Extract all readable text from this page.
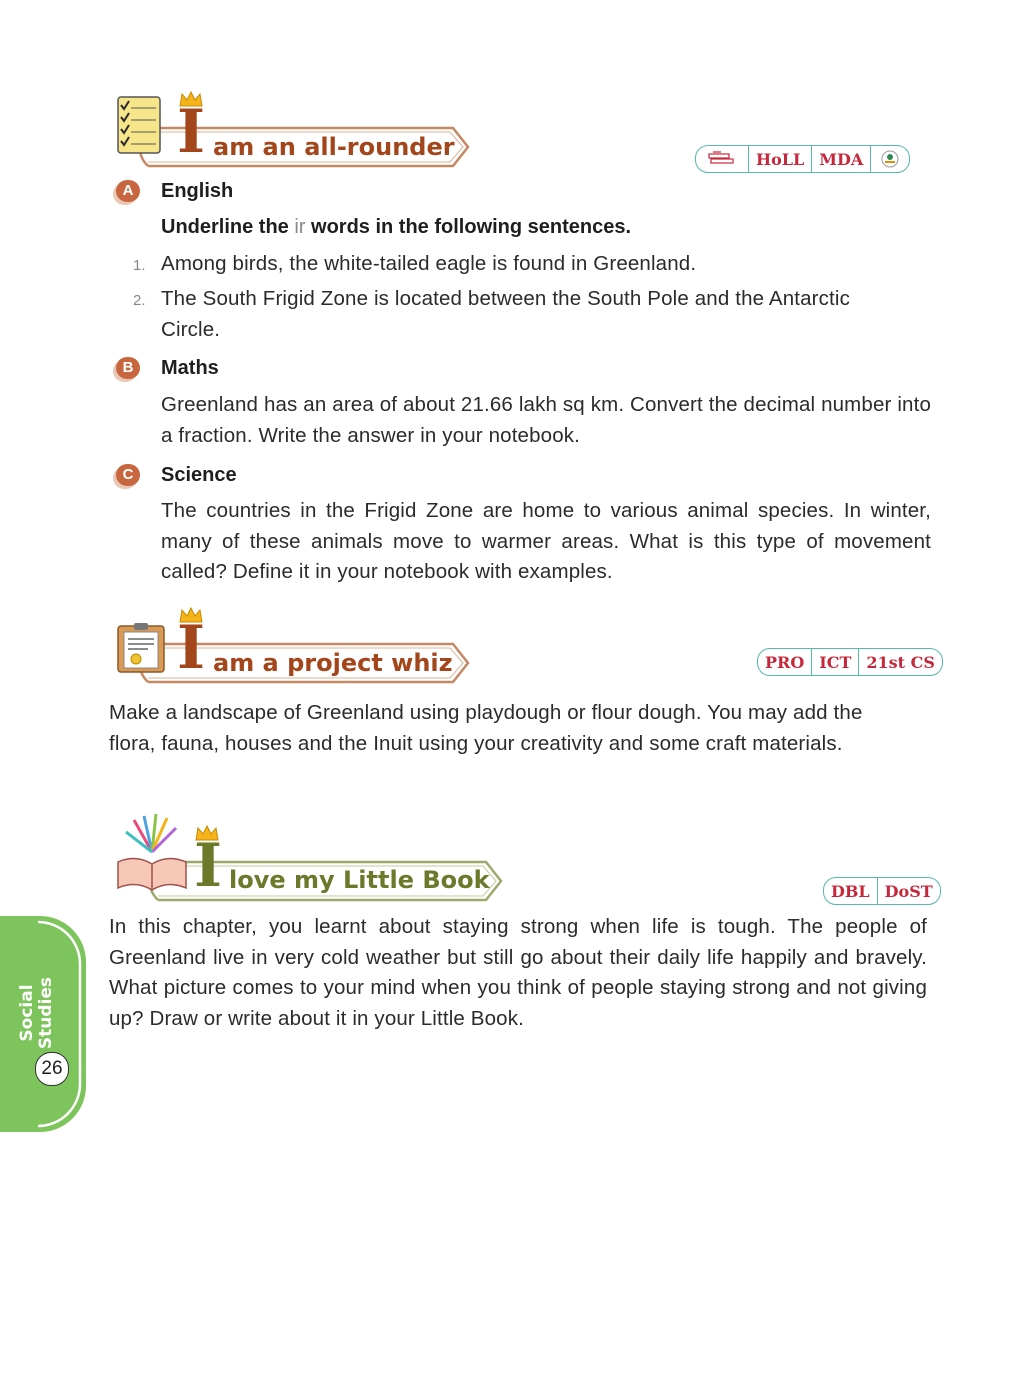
I am an all-rounder	HoLL MDA
A	English
Underline the ir words in the following sentences.
1. Among birds, the white-tailed eagle is found in Greenland.
2. The South Frigid Zone is located between the South Pole and the Antarctic Circle.
B	Maths
Greenland has an area of about 21.66 lakh sq km. Convert the decimal number into a fraction. Write the answer in your notebook.
C	Science
The countries in the Frigid Zone are home to various animal species. In winter, many of these animals move to warmer areas. What is this type of movement called? Define it in your notebook with examples.
I am a project whiz	PRO ICT 21st CS
Make a landscape of Greenland using playdough or flour dough. You may add the flora, fauna, houses and the Inuit using your creativity and some craft materials.
I love my Little Book	DBL DoST
In this chapter, you learnt about staying strong when life is tough. The people of Greenland live in very cold weather but still go about their daily life happily and bravely. What picture comes to your mind when you think of people staying strong and not giving up? Draw or write about it in your Little Book.
Social Studies
26
